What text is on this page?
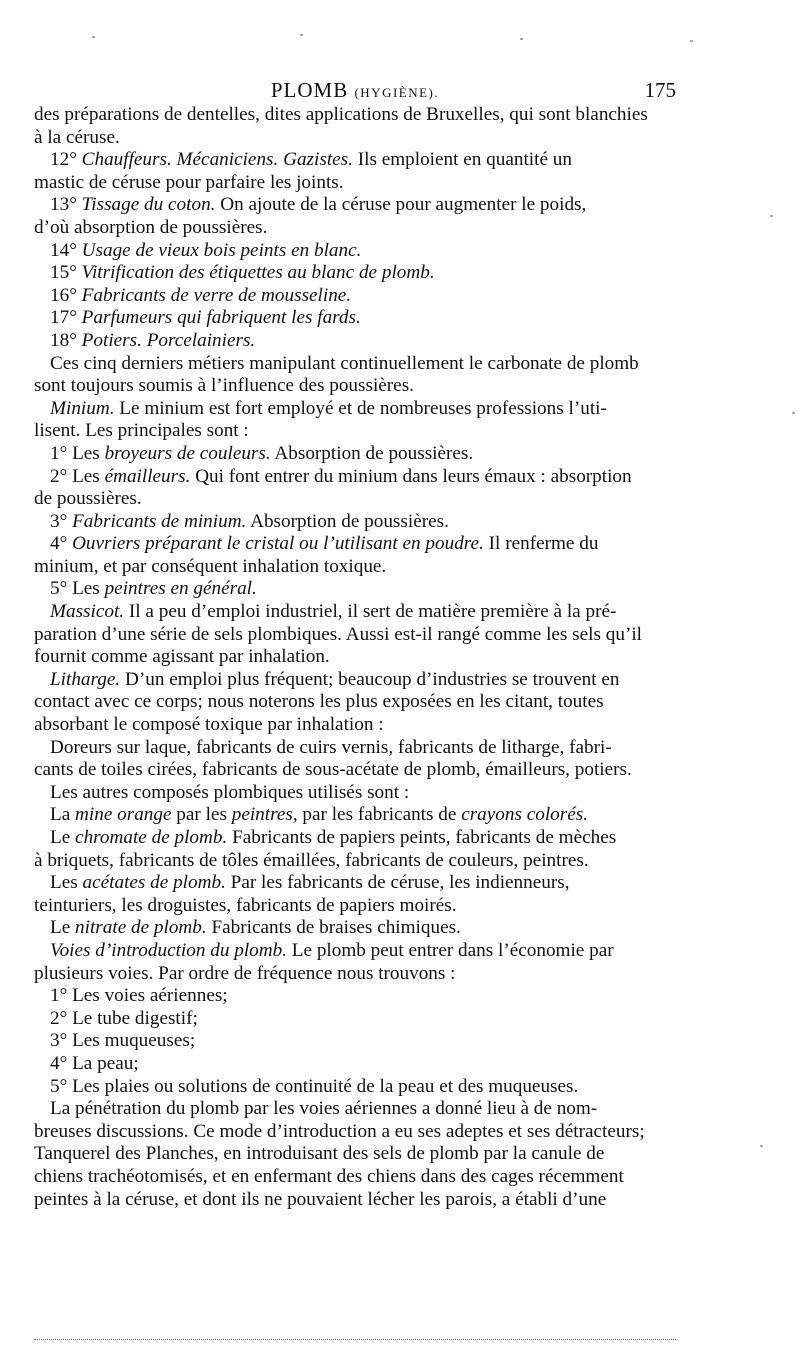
PLOMB (HYGIÈNE).	175
des préparations de dentelles, dites applications de Bruxelles, qui sont blanchies
à la céruse.
12° Chauffeurs. Mécaniciens. Gazistes. Ils emploient en quantité un
mastic de céruse pour parfaire les joints.
13° Tissage du coton. On ajoute de la céruse pour augmenter le poids,
d’où absorption de poussières.
14° Usage de vieux bois peints en blanc.
15° Vitrification des étiquettes au blanc de plomb.
16° Fabricants de verre de mousseline.
17° Parfumeurs qui fabriquent les fards.
18° Potiers. Porcelainiers.
Ces cinq derniers métiers manipulant continuellement le carbonate de plomb
sont toujours soumis à l’influence des poussières.
Minium. Le minium est fort employé et de nombreuses professions l’uti-
lisent. Les principales sont :
1° Les broyeurs de couleurs. Absorption de poussières.
2° Les émailleurs. Qui font entrer du minium dans leurs émaux : absorption
de poussières.
3° Fabricants de minium. Absorption de poussières.
4° Ouvriers préparant le cristal ou l’utilisant en poudre. Il renferme du
minium, et par conséquent inhalation toxique.
5° Les peintres en général.
Massicot. Il a peu d’emploi industriel, il sert de matière première à la pré-
paration d’une série de sels plombiques. Aussi est-il rangé comme les sels qu’il
fournit comme agissant par inhalation.
Litharge. D’un emploi plus fréquent; beaucoup d’industries se trouvent en
contact avec ce corps; nous noterons les plus exposées en les citant, toutes
absorbant le composé toxique par inhalation :
Doreurs sur laque, fabricants de cuirs vernis, fabricants de litharge, fabri-
cants de toiles cirées, fabricants de sous-acétate de plomb, émailleurs, potiers.
Les autres composés plombiques utilisés sont :
La mine orange par les peintres, par les fabricants de crayons colorés.
Le chromate de plomb. Fabricants de papiers peints, fabricants de mèches
à briquets, fabricants de tôles émaillées, fabricants de couleurs, peintres.
Les acétates de plomb. Par les fabricants de céruse, les indienneurs,
teinturiers, les droguistes, fabricants de papiers moirés.
Le nitrate de plomb. Fabricants de braises chimiques.
Voies d’introduction du plomb. Le plomb peut entrer dans l’économie par
plusieurs voies. Par ordre de fréquence nous trouvons :
1° Les voies aériennes;
2° Le tube digestif;
3° Les muqueuses;
4° La peau;
5° Les plaies ou solutions de continuité de la peau et des muqueuses.
La pénétration du plomb par les voies aériennes a donné lieu à de nom-
breuses discussions. Ce mode d’introduction a eu ses adeptes et ses détracteurs;
Tanquerel des Planches, en introduisant des sels de plomb par la canule de
chiens trachéotomisés, et en enfermant des chiens dans des cages récemment
peintes à la céruse, et dont ils ne pouvaient lécher les parois, a établi d’une
